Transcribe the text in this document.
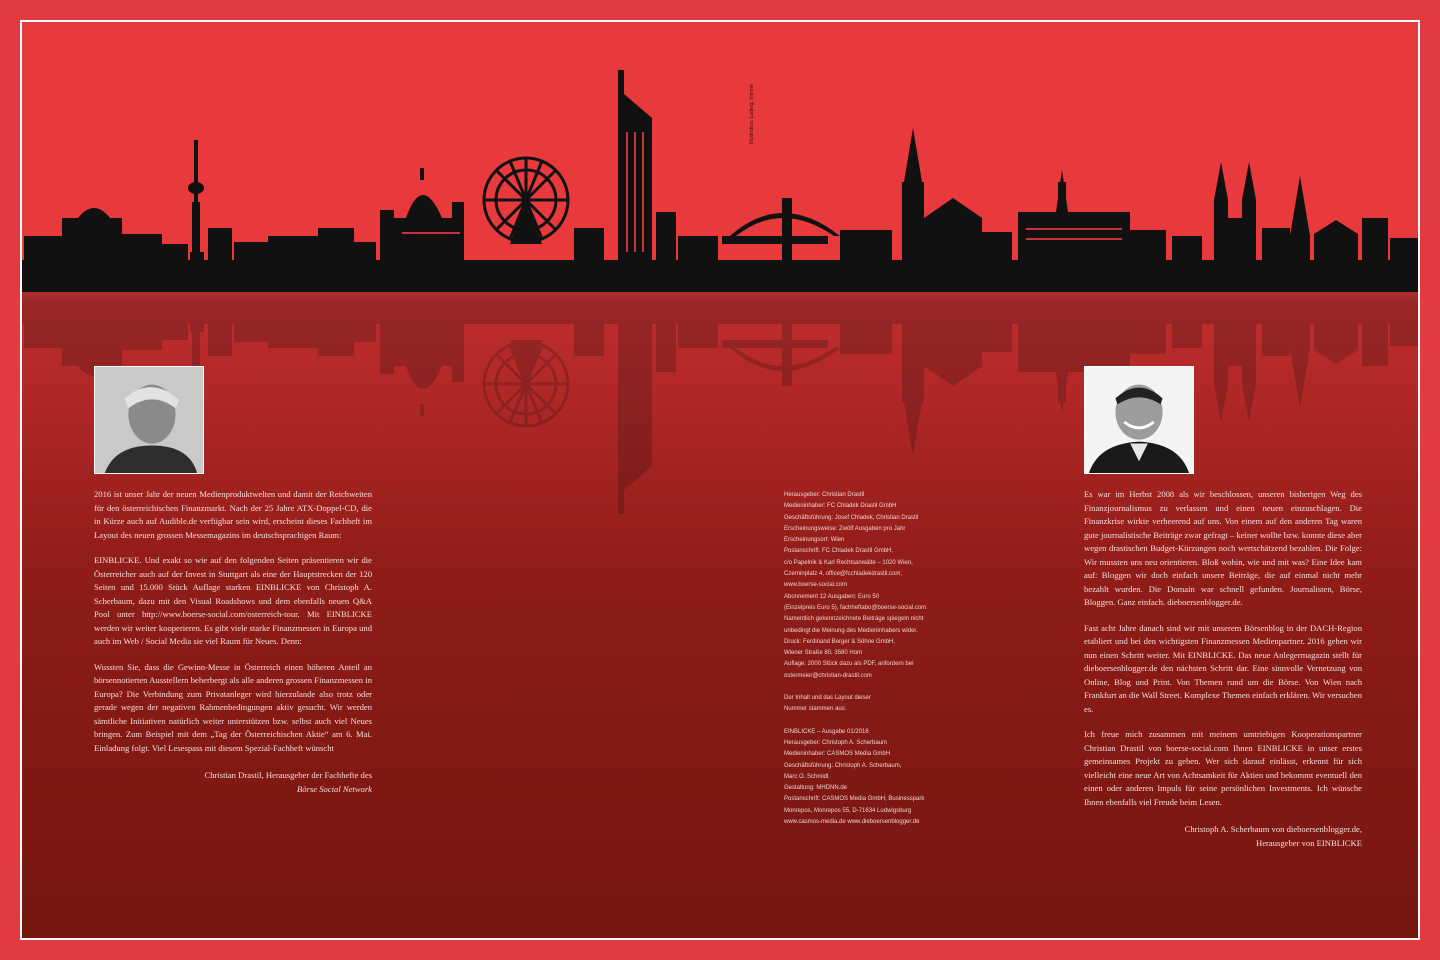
Illustration: Ludwig, Vienna

2016 ist unser Jahr der neuen Medienproduktwelten und damit der Reichweiten für den österreichischen Finanzmarkt. Nach der 25 Jahre ATX-Doppel-CD, die in Kürze auch auf Audible.de verfügbar sein wird, erscheint dieses Fachheft im Layout des neuen grossen Messemagazins im deutschsprachigen Raum:

EINBLICKE. Und exakt so wie auf den folgenden Seiten präsentieren wir die Österreicher auch auf der Invest in Stuttgart als eine der Hauptstrecken der 120 Seiten und 15.000 Stück Auflage starken EINBLICKE von Christoph A. Scherbaum, dazu mit den Visual Roadshows und dem ebenfalls neuen Q&A Pool unter http://www.boerse-social.com/osterreich-tour. Mit EINBLICKE werden wir weiter kooperieren. Es gibt viele starke Finanzmessen in Europa und auch im Web / Social Media sie viel Raum für Neues. Denn:

Wussten Sie, dass die Gewinn-Messe in Österreich einen höheren Anteil an börsennotierten Ausstellern beherbergt als alle anderen grossen Finanzmessen in Europa? Die Verbindung zum Privatanleger wird hierzulande also trotz oder gerade wegen der negativen Rahmenbedingungen aktiv gesucht. Wir werden sämtliche Initiativen natürlich weiter unterstützen bzw. selbst auch viel Neues bringen. Zum Beispiel mit dem „Tag der Österreichischen Aktie“ am 6. Mai. Einladung folgt. Viel Lesespass mit diesem Spezial-Fachheft wünscht

Christian Drastil, Herausgeber der Fachhefte des
Börse Social Network
Herausgeber: Christian Drastil
Medieninhaber: FC Chladek Drastil GmbH
Geschäftsführung: Josef Chladek, Christian Drastil
Erscheinungsweise: Zwölf Ausgaben pro Jahr
Erscheinungsort: Wien
Postanschrift: FC Chladek Drastil GmbH,
c/o Papelnik & Karl Rechtsanwälte – 1020 Wien,
Czerninplatz 4, office@fcchladekdrastil.com,
www.boerse-social.com
Abonnement 12 Ausgaben: Euro 50
(Einzelpreis Euro 5), fachheftabo@boerse-social.com
Namentlich gekennzeichnete Beiträge spiegeln nicht
unbedingt die Meinung des Medieninhabers wider.
Druck: Ferdinand Berger & Söhne GmbH,
Wiener Straße 80, 3580 Horn
Auflage: 2000 Stück dazu als PDF, anfordern bei
ostermeier@christian-drastil.com
Der Inhalt und das Layout dieser
Nummer stammen aus:
EINBLICKE – Ausgabe 01/2016
Herausgeber: Christoph A. Scherbaum
Medieninhaber: CASMOS Media GmbH
Geschäftsführung: Christoph A. Scherbaum,
Marc O. Schmidt
Gestaltung: MHDNN.de
Postanschrift: CASMOS Media GmbH, Businesspark
Monrepos, Monrepos 55, D-71634 Ludwigsburg
www.casmos-media.de www.dieboersenblogger.de

Es war im Herbst 2008 als wir beschlossen, unseren bisherigen Weg des Finanzjournalismus zu verlassen und einen neuen einzuschlagen. Die Finanzkrise wirkte verheerend auf uns. Von einem auf den anderen Tag waren gute journalistische Beiträge zwar gefragt – keiner wollte bzw. konnte diese aber wegen drastischen Budget-Kürzungen noch wertschätzend bezahlen. Die Folge: Wir mussten uns neu orientieren. Bloß wohin, wie und mit was? Eine Idee kam auf: Bloggen wir doch einfach unsere Beiträge, die auf einmal nicht mehr bezahlt wurden. Die Domain war schnell gefunden. Journalisten, Börse, Bloggen. Ganz einfach. dieboersenblogger.de.

Fast acht Jahre danach sind wir mit unserem Börsenblog in der DACH-Region etabliert und bei den wichtigsten Finanzmessen Medienpartner. 2016 gehen wir nun einen Schritt weiter. Mit EINBLICKE. Das neue Anlegermagazin stellt für dieboersenblogger.de den nächsten Schritt dar. Eine sinnvolle Vernetzung von Online, Blog und Print. Von Themen rund um die Börse. Von Wien nach Frankfurt an die Wall Street. Komplexe Themen einfach erklären. Wir versuchen es.

Ich freue mich zusammen mit meinem umtriebigen Kooperationspartner Christian Drastil von boerse-social.com Ihnen EINBLICKE in unser erstes gemeinsames Projekt zu geben. Wer sich darauf einlässt, erkennt für sich vielleicht eine neue Art von Achtsamkeit für Aktien und bekommt eventuell den einen oder anderen Impuls für seine persönlichen Investments. Ich wünsche Ihnen ebenfalls viel Freude beim Lesen.

Christoph A. Scherbaum von dieboersenblogger.de,
Herausgeber von EINBLICKE
